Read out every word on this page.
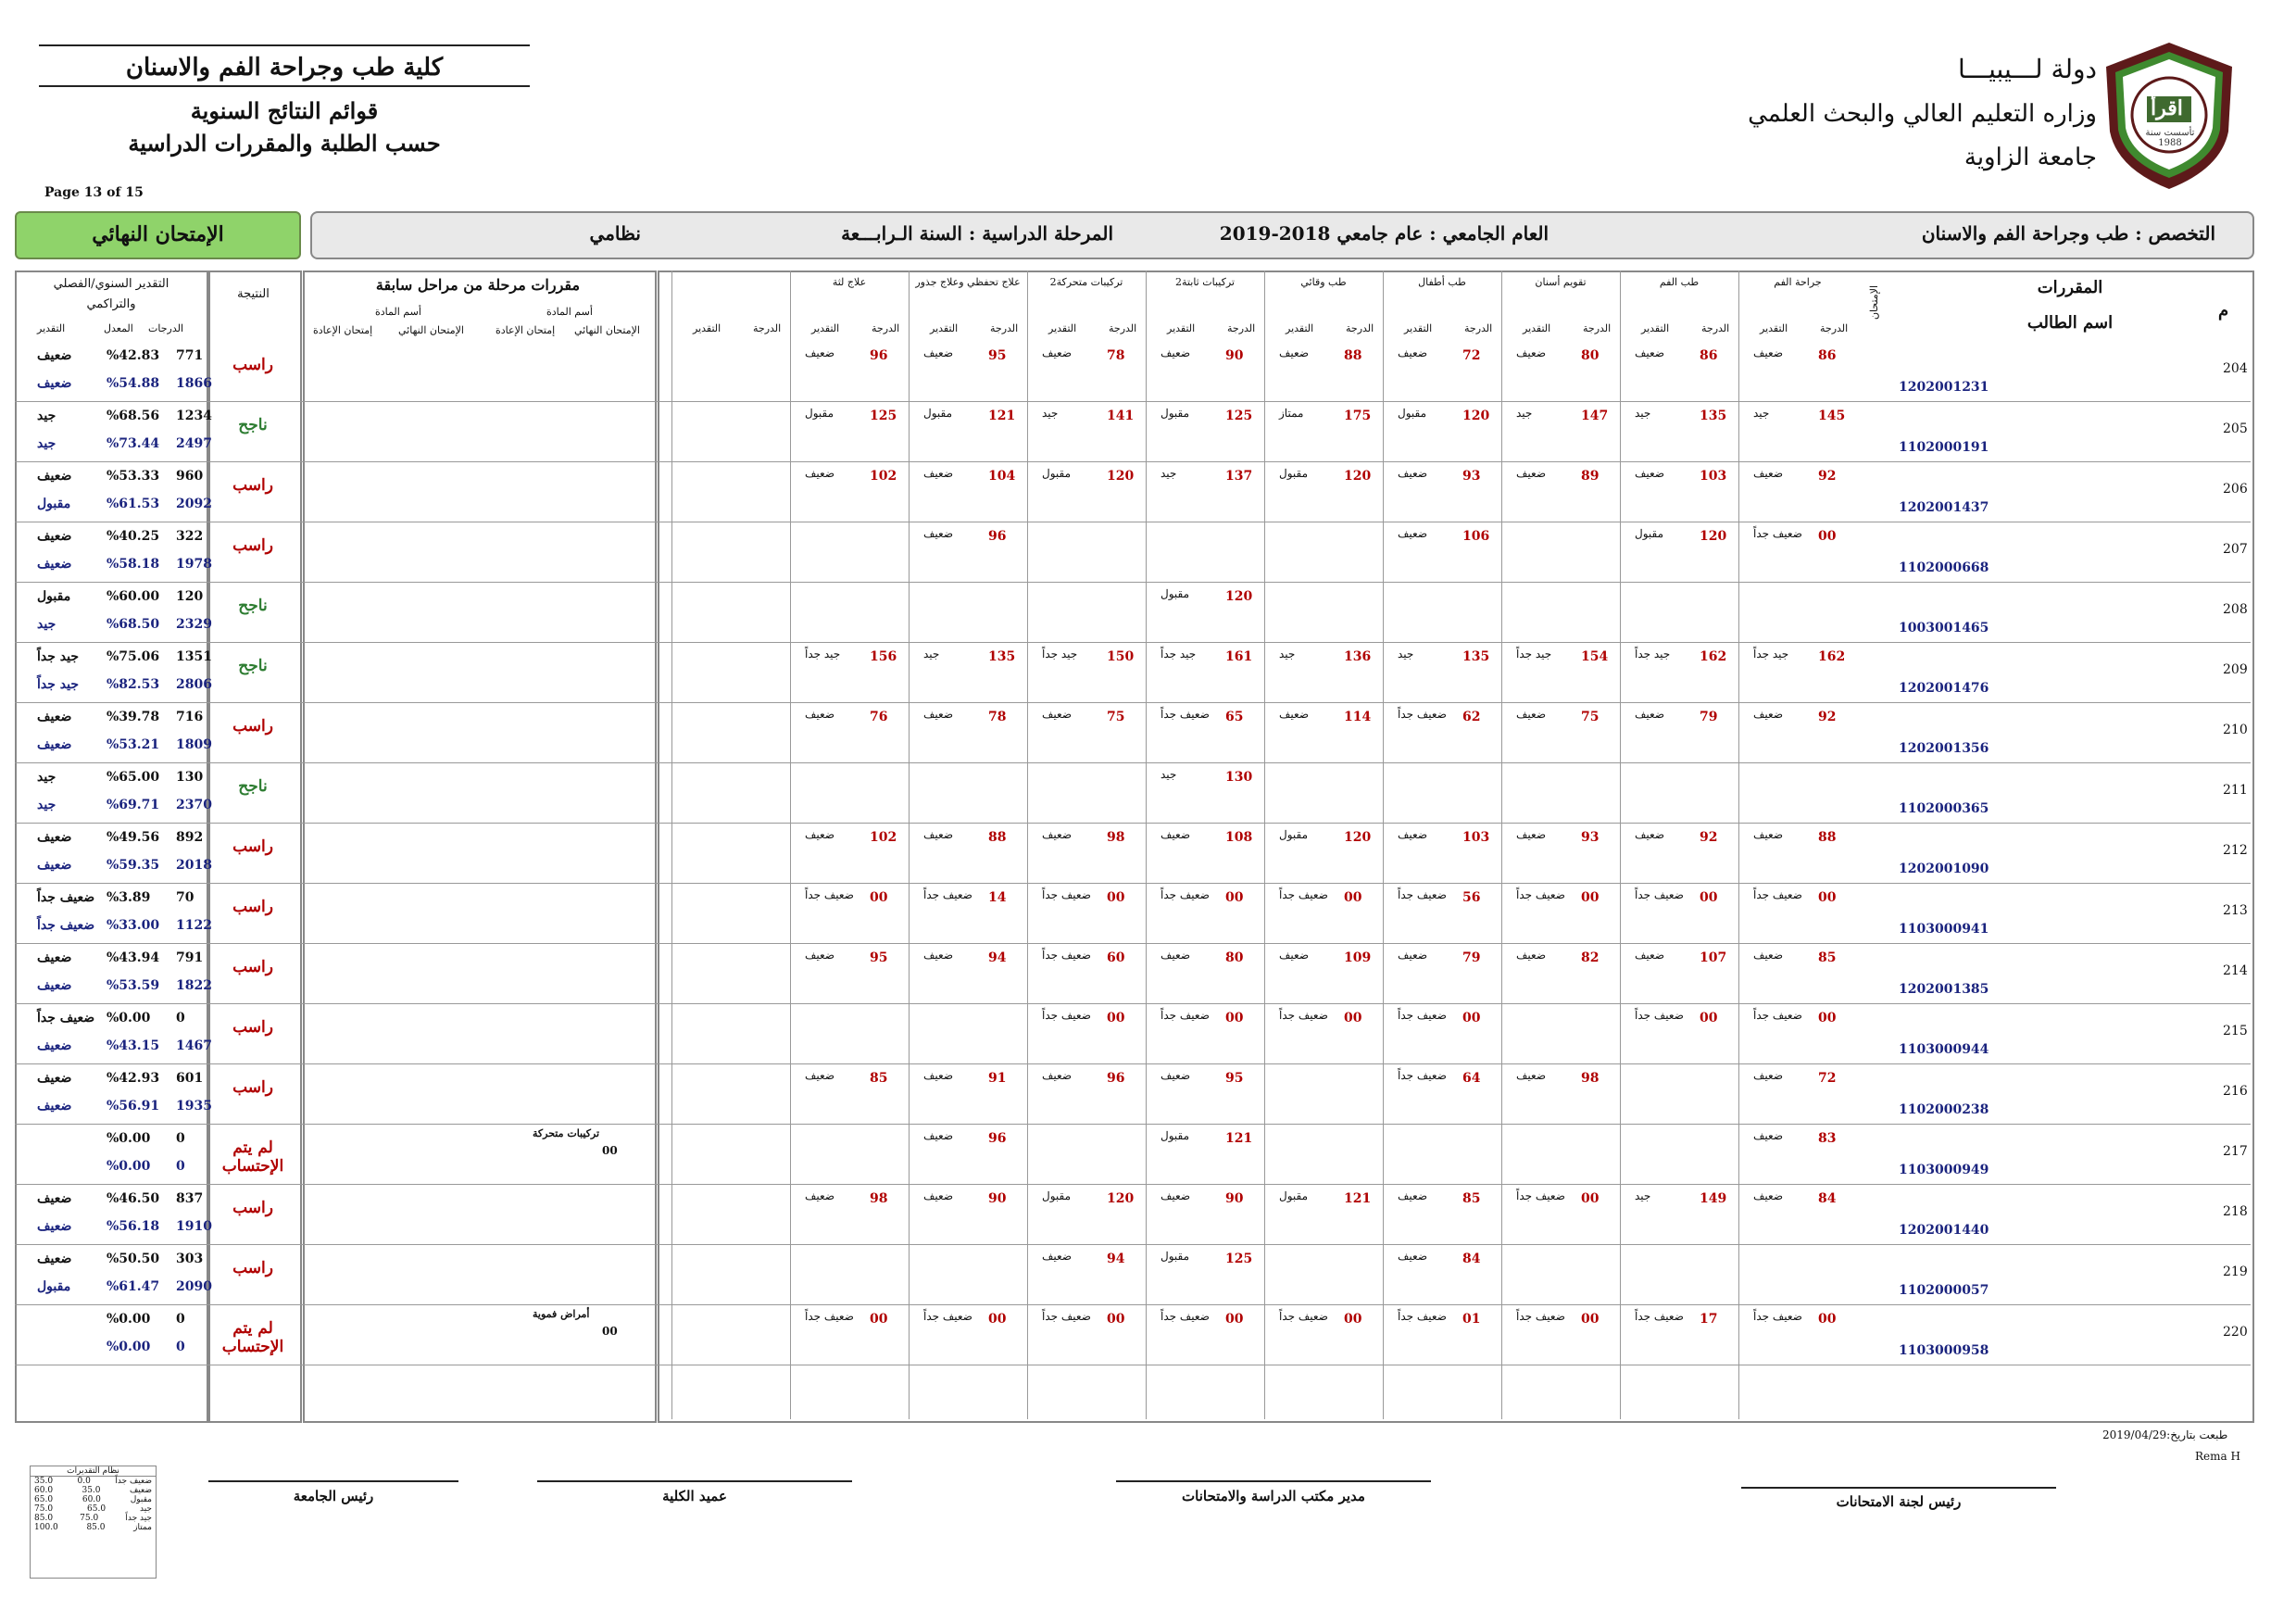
اقرأ
تأسست سنة 1988
دولة لـــيبيـــا
وزاره التعليم العالي والبحث العلمي
جامعة الزاوية
كلية طب وجراحة الفم والاسنان
قوائم النتائج السنوية
حسب الطلبة والمقررات الدراسية
Page 13 of 15
التخصص : طب وجراحة الفم والاسنان
العام الجامعي : عام جامعي 2018-2019
المرحلة الدراسية : السنة الـرابـــعة
نظامي
الإمتحان النهائي
م
المقررات
اسم الطالب
الإمتحان
جراحة الفم
الدرجة
التقدير
طب الفم
الدرجة
التقدير
تقويم أسنان
الدرجة
التقدير
طب أطفال
الدرجة
التقدير
طب وقائي
الدرجة
التقدير
تركيبات ثابتة2
الدرجة
التقدير
تركيبات متحركة2
الدرجة
التقدير
علاج تحفظي وعلاج جذور
الدرجة
التقدير
علاج لثة
الدرجة
التقدير
الدرجة
التقدير
مقررات مرحلة من مراحل سابقة
أسم المادة
الإمتحان النهائي
إمتحان الإعادة
أسم المادة
الإمتحان النهائي
إمتحان الإعادة
النتيجة
التقدير السنوي/الفصلي والتراكمي
الدرجات
المعدل
التقدير
204
1202001231
86
ضعيف
86
ضعيف
80
ضعيف
72
ضعيف
88
ضعيف
90
ضعيف
78
ضعيف
95
ضعيف
96
ضعيف
راسب
771
%42.83
ضعيف
1866
%54.88
ضعيف
205
1102000191
145
جيد
135
جيد
147
جيد
120
مقبول
175
ممتاز
125
مقبول
141
جيد
121
مقبول
125
مقبول
ناجح
1234
%68.56
جيد
2497
%73.44
جيد
206
1202001437
92
ضعيف
103
ضعيف
89
ضعيف
93
ضعيف
120
مقبول
137
جيد
120
مقبول
104
ضعيف
102
ضعيف
راسب
960
%53.33
ضعيف
2092
%61.53
مقبول
207
1102000668
00
ضعيف جداً
120
مقبول
106
ضعيف
96
ضعيف
راسب
322
%40.25
ضعيف
1978
%58.18
ضعيف
208
1003001465
120
مقبول
ناجح
120
%60.00
مقبول
2329
%68.50
جيد
209
1202001476
162
جيد جداً
162
جيد جداً
154
جيد جداً
135
جيد
136
جيد
161
جيد جداً
150
جيد جداً
135
جيد
156
جيد جداً
ناجح
1351
%75.06
جيد جداً
2806
%82.53
جيد جداً
210
1202001356
92
ضعيف
79
ضعيف
75
ضعيف
62
ضعيف جداً
114
ضعيف
65
ضعيف جداً
75
ضعيف
78
ضعيف
76
ضعيف
راسب
716
%39.78
ضعيف
1809
%53.21
ضعيف
211
1102000365
130
جيد
ناجح
130
%65.00
جيد
2370
%69.71
جيد
212
1202001090
88
ضعيف
92
ضعيف
93
ضعيف
103
ضعيف
120
مقبول
108
ضعيف
98
ضعيف
88
ضعيف
102
ضعيف
راسب
892
%49.56
ضعيف
2018
%59.35
ضعيف
213
1103000941
00
ضعيف جداً
00
ضعيف جداً
00
ضعيف جداً
56
ضعيف جداً
00
ضعيف جداً
00
ضعيف جداً
00
ضعيف جداً
14
ضعيف جداً
00
ضعيف جداً
راسب
70
%3.89
ضعيف جداً
1122
%33.00
ضعيف جداً
214
1202001385
85
ضعيف
107
ضعيف
82
ضعيف
79
ضعيف
109
ضعيف
80
ضعيف
60
ضعيف جداً
94
ضعيف
95
ضعيف
راسب
791
%43.94
ضعيف
1822
%53.59
ضعيف
215
1103000944
00
ضعيف جداً
00
ضعيف جداً
00
ضعيف جداً
00
ضعيف جداً
00
ضعيف جداً
00
ضعيف جداً
راسب
0
%0.00
ضعيف جداً
1467
%43.15
ضعيف
216
1102000238
72
ضعيف
98
ضعيف
64
ضعيف جداً
95
ضعيف
96
ضعيف
91
ضعيف
85
ضعيف
راسب
601
%42.93
ضعيف
1935
%56.91
ضعيف
217
1103000949
83
ضعيف
121
مقبول
96
ضعيف
تركيبات متحركة
00
لم يتم الإحتساب
0
%0.00
0
%0.00
218
1202001440
84
ضعيف
149
جيد
00
ضعيف جداً
85
ضعيف
121
مقبول
90
ضعيف
120
مقبول
90
ضعيف
98
ضعيف
راسب
837
%46.50
ضعيف
1910
%56.18
ضعيف
219
1102000057
84
ضعيف
125
مقبول
94
ضعيف
راسب
303
%50.50
ضعيف
2090
%61.47
مقبول
220
1103000958
00
ضعيف جداً
17
ضعيف جداً
00
ضعيف جداً
01
ضعيف جداً
00
ضعيف جداً
00
ضعيف جداً
00
ضعيف جداً
00
ضعيف جداً
00
ضعيف جداً
أمراض فموية
00
لم يتم الإحتساب
0
%0.00
0
%0.00
طبعت بتاريخ:2019/04/29
Rema H
رئيس لجنة الامتحانات
مدير مكتب الدراسة والامتحانات
عميد الكلية
رئيس الجامعة
نظام التقديرات
ضعيف جداً
0.0
35.0
ضعيف
35.0
60.0
مقبول
60.0
65.0
جيد
65.0
75.0
جيد جداً
75.0
85.0
ممتاز
85.0
100.0
